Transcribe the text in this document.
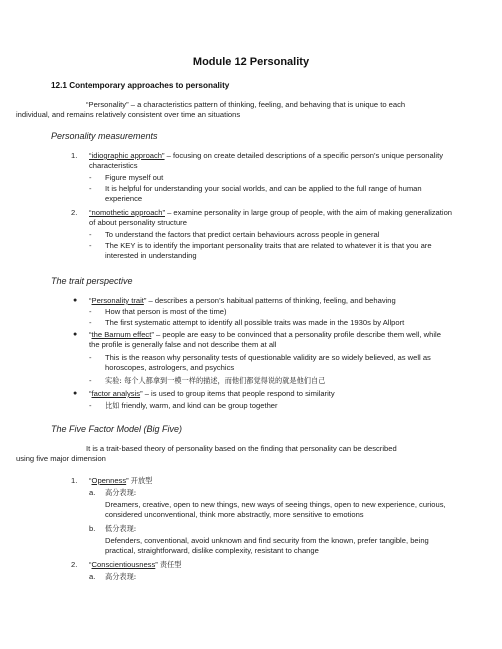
Module 12 Personality
12.1 Contemporary approaches to personality
“Personality” – a characteristics pattern of thinking, feeling, and behaving that is unique to each
individual, and remains relatively consistent over time an situations
Personality measurements
1. “idiographic approach” – focusing on create detailed descriptions of a specific person’s unique personality characteristics
- Figure myself out
- It is helpful for understanding your social worlds, and can be applied to the full range of human experience
2. “nomothetic approach” – examine personality in large group of people, with the aim of making generalization of about personality structure
- To understand the factors that predict certain behaviours across people in general
- The KEY is to identify the important personality traits that are related to whatever it is that you are interested in understanding
The trait perspective
● “Personality trait” – describes a person’s habitual patterns of thinking, feeling, and behaving
- How that person is most of the time)
- The first systematic attempt to identify all possible traits was made in the 1930s by Allport
● “the Barnum effect” – people are easy to be convinced that a personality profile describe them well, while the profile is generally false and not describe them at all
- This is the reason why personality tests of questionable validity are so widely believed, as well as horoscopes, astrologers, and psychics
- 实验: 每个人都拿到一模一样的描述，而他们都觉得说的就是他们自己
● “factor analysis” – is used to group items that people respond to similarity
- 比如 friendly, warm, and kind can be group together
The Five Factor Model (Big Five)
It is a trait-based theory of personality based on the finding that personality can be described
using five major dimension
1. “Openness” 开放型
a. 高分表现:
Dreamers, creative, open to new things, new ways of seeing things, open to new experience, curious, considered unconventional, think more abstractly, more sensitive to emotions
b. 低分表现:
Defenders, conventional, avoid unknown and find security from the known, prefer tangible, being practical, straightforward, dislike complexity, resistant to change
2. “Conscientiousness” 责任型
a. 高分表现:
